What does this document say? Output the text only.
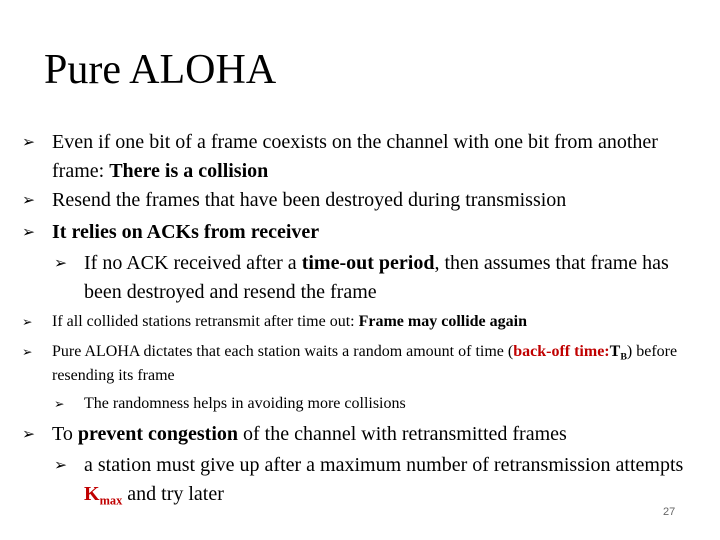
Pure ALOHA
➢ Even if one bit of a frame coexists on the channel with one bit from another frame: There is a collision
➢ Resend the frames that have been destroyed during transmission
➢ It relies on ACKs from receiver
➢ If no ACK received after a time-out period, then assumes that frame has been destroyed and resend the frame
➢	If all collided stations retransmit after time out: Frame may collide again
➢	Pure ALOHA dictates that each station waits a random amount of time (back-off $time:T_B$) before resending its frame
➢	The randomness helps in avoiding more collisions
➢ To prevent congestion of the channel with retransmitted frames
➢ a station must give up after a maximum number of retransmission attempts $K_{max}$ and try later
27
